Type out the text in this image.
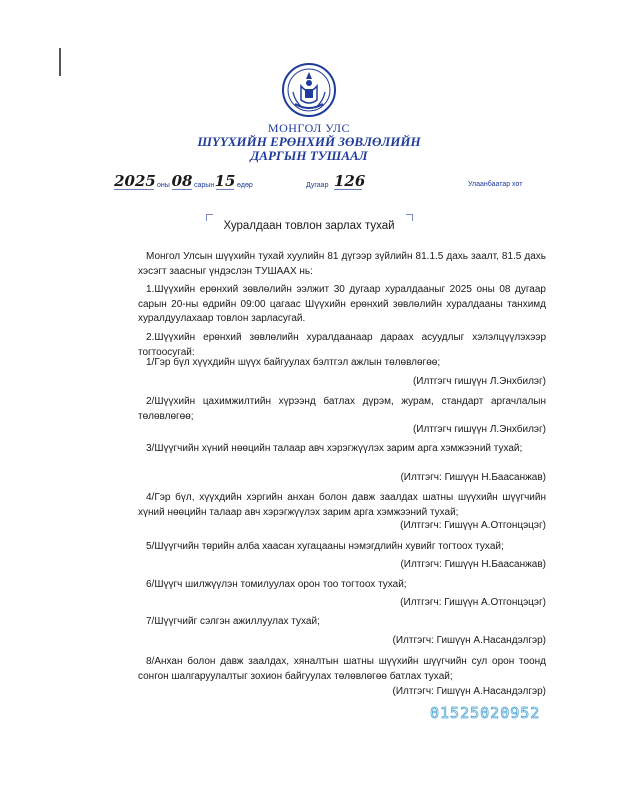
МОНГОЛ УЛС
ШҮҮХИЙН ЕРӨНХИЙ ЗӨВЛӨЛИЙН
ДАРГЫН ТУШААЛ
2025 оны 08 сарын 15 өдөр	Дугаар 126	Улаанбаатар хот
Хуралдаан товлон зарлах тухай

Монгол Улсын шүүхийн тухай хуулийн 81 дүгээр зүйлийн 81.1.5 дахь заалт, 81.5 дахь хэсэгт заасныг үндэслэн ТУШААХ нь:

1.Шүүхийн ерөнхий зөвлөлийн ээлжит 30 дугаар хуралдааныг 2025 оны 08 дугаар сарын 20-ны өдрийн 09:00 цагаас Шүүхийн ерөнхий зөвлөлийн хуралдааны танхимд хуралдуулахаар товлон зарласугай.

2.Шүүхийн ерөнхий зөвлөлийн хуралдаанаар дараах асуудлыг хэлэлцүүлэхээр тогтоосугай:

1/Гэр бүл хүүхдийн шүүх байгуулах бэлтгэл ажлын төлөвлөгөө;

(Илтгэгч гишүүн Л.Энхбилэг)

2/Шүүхийн цахимжилтийн хүрээнд батлах дүрэм, журам, стандарт аргачлалын төлөвлөгөө;

(Илтгэгч гишүүн Л.Энхбилэг)

3/Шүүгчийн хүний нөөцийн талаар авч хэрэгжүүлэх зарим арга хэмжээний тухай;

(Илтгэгч: Гишүүн Н.Баасанжав)

4/Гэр бүл, хүүхдийн хэргийн анхан болон давж заалдах шатны шүүхийн шүүгчийн хүний нөөцийн талаар авч хэрэгжүүлэх зарим арга хэмжээний тухай;

(Илтгэгч: Гишүүн А.Отгонцэцэг)

5/Шүүгчийн төрийн алба хаасан хугацааны нэмэгдлийн хувийг тогтоох тухай;

(Илтгэгч: Гишүүн Н.Баасанжав)

6/Шүүгч шилжүүлэн томилуулах орон тоо тогтоох тухай;

(Илтгэгч: Гишүүн А.Отгонцэцэг)

7/Шүүгчийг сэлгэн ажиллуулах тухай;

(Илтгэгч: Гишүүн А.Насандэлгэр)

8/Анхан болон давж заалдах, хяналтын шатны шүүхийн шүүгчийн сул орон тоонд сонгон шалгаруулалтыг зохион байгуулах төлөвлөгөө батлах тухай;

(Илтгэгч: Гишүүн А.Насандэлгэр)
01525020952
